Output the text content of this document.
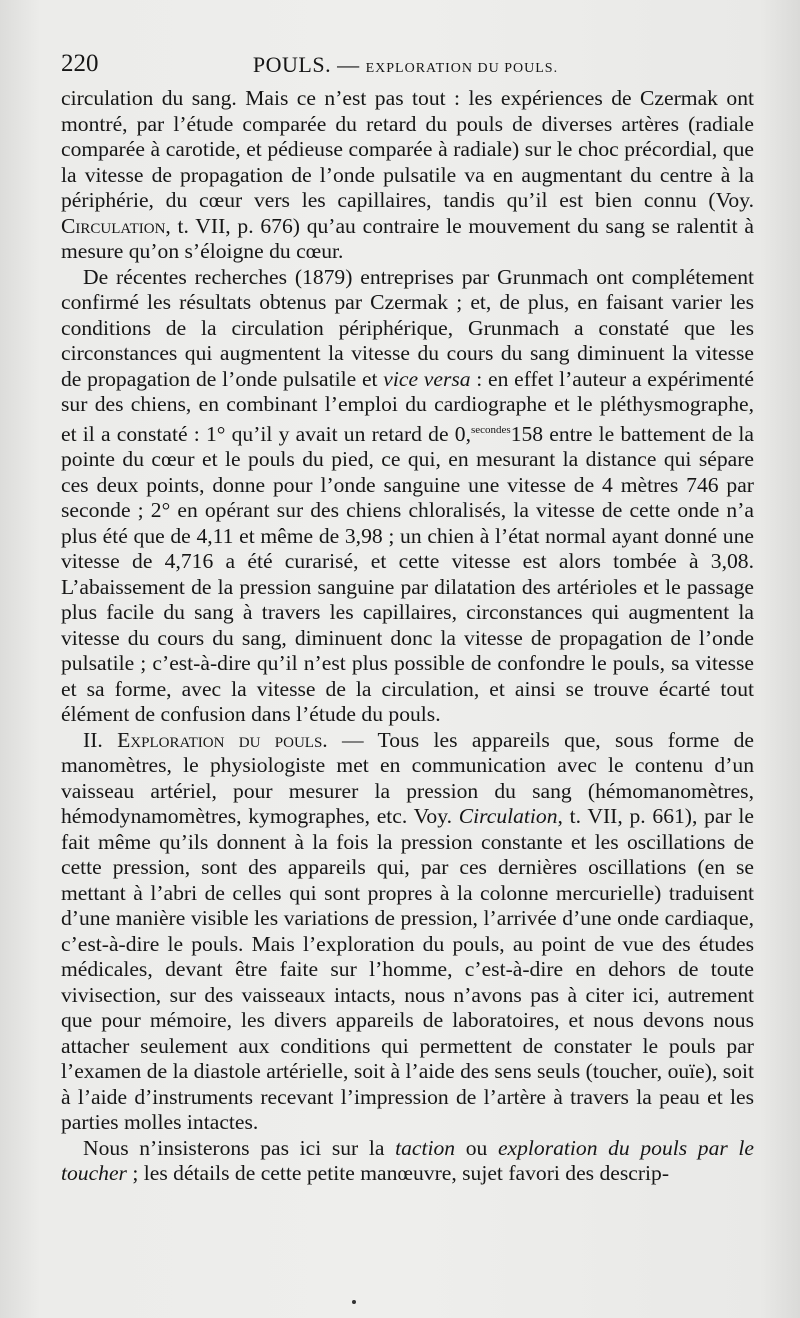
220	POULS. — EXPLORATION DU POULS.

circulation du sang. Mais ce n’est pas tout : les expériences de Czermak ont montré, par l’étude comparée du retard du pouls de diverses artères (radiale comparée à carotide, et pédieuse comparée à radiale) sur le choc précordial, que la vitesse de propagation de l’onde pulsatile va en augmentant du centre à la périphérie, du cœur vers les capillaires, tandis qu’il est bien connu (Voy. Circulation, t. VII, p. 676) qu’au contraire le mouvement du sang se ralentit à mesure qu’on s’éloigne du cœur.

De récentes recherches (1879) entreprises par Grunmach ont complétement confirmé les résultats obtenus par Czermak ; et, de plus, en faisant varier les conditions de la circulation périphérique, Grunmach a constaté que les circonstances qui augmentent la vitesse du cours du sang diminuent la vitesse de propagation de l’onde pulsatile et vice versa : en effet l’auteur a expérimenté sur des chiens, en combinant l’emploi du cardiographe et le pléthysmographe, et il a constaté : 1° qu’il y avait un retard de 0,$^{secondes}$158 entre le battement de la pointe du cœur et le pouls du pied, ce qui, en mesurant la distance qui sépare ces deux points, donne pour l’onde sanguine une vitesse de 4 mètres 746 par seconde ; 2° en opérant sur des chiens chloralisés, la vitesse de cette onde n’a plus été que de 4,11 et même de 3,98 ; un chien à l’état normal ayant donné une vitesse de 4,716 a été curarisé, et cette vitesse est alors tombée à 3,08. L’abaissement de la pression sanguine par dilatation des artérioles et le passage plus facile du sang à travers les capillaires, circonstances qui augmentent la vitesse du cours du sang, diminuent donc la vitesse de propagation de l’onde pulsatile ; c’est-à-dire qu’il n’est plus possible de confondre le pouls, sa vitesse et sa forme, avec la vitesse de la circulation, et ainsi se trouve écarté tout élément de confusion dans l’étude du pouls.

II. Exploration du pouls. — Tous les appareils que, sous forme de manomètres, le physiologiste met en communication avec le contenu d’un vaisseau artériel, pour mesurer la pression du sang (hémomanomètres, hémodynamomètres, kymographes, etc. Voy. Circulation, t. VII, p. 661), par le fait même qu’ils donnent à la fois la pression constante et les oscillations de cette pression, sont des appareils qui, par ces dernières oscillations (en se mettant à l’abri de celles qui sont propres à la colonne mercurielle) traduisent d’une manière visible les variations de pression, l’arrivée d’une onde cardiaque, c’est-à-dire le pouls. Mais l’exploration du pouls, au point de vue des études médicales, devant être faite sur l’homme, c’est-à-dire en dehors de toute vivisection, sur des vaisseaux intacts, nous n’avons pas à citer ici, autrement que pour mémoire, les divers appareils de laboratoires, et nous devons nous attacher seulement aux conditions qui permettent de constater le pouls par l’examen de la diastole artérielle, soit à l’aide des sens seuls (toucher, ouïe), soit à l’aide d’instruments recevant l’impression de l’artère à travers la peau et les parties molles intactes.

Nous n’insisterons pas ici sur la taction ou exploration du pouls par le toucher ; les détails de cette petite manœuvre, sujet favori des descrip-
